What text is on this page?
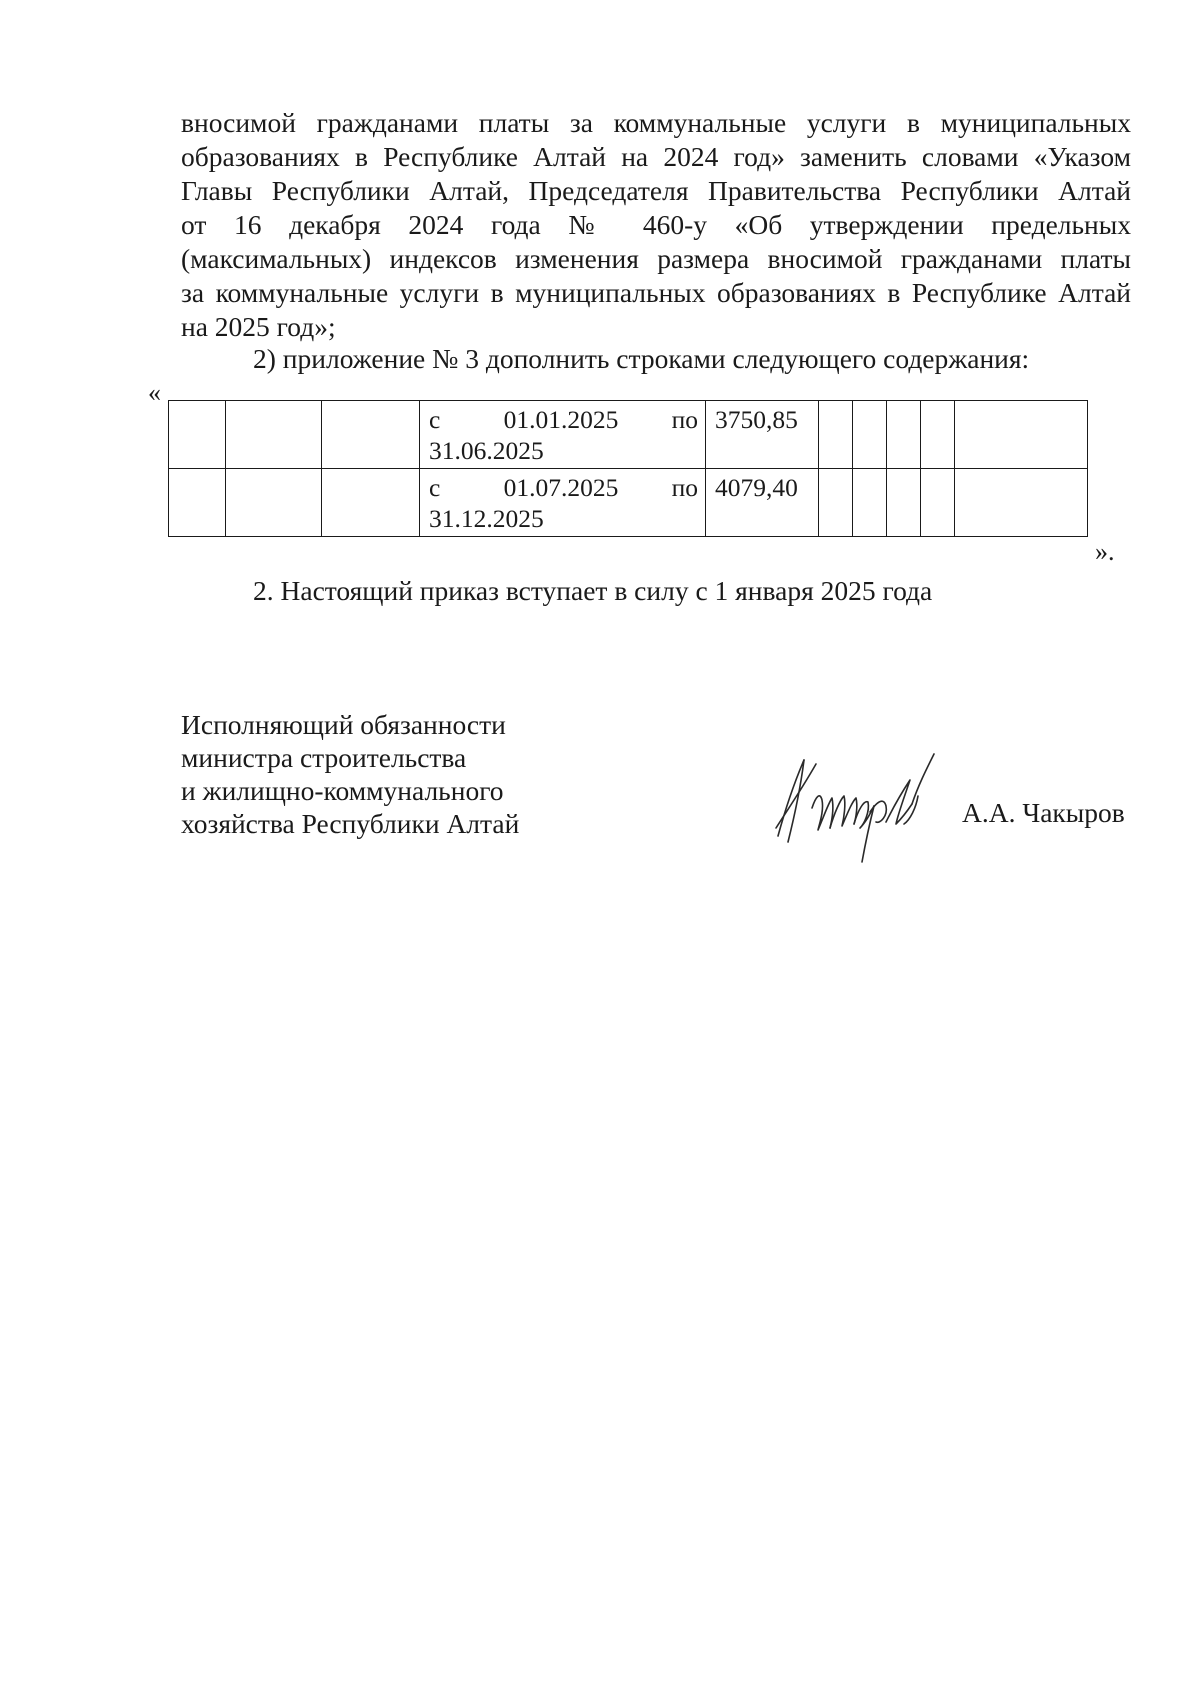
вносимой гражданами платы за коммунальные услуги в муниципальных
образованиях в Республике Алтай на 2024 год» заменить словами «Указом
Главы Республики Алтай, Председателя Правительства Республики Алтай
от 16 декабря 2024 года № 460-у «Об утверждении предельных
(максимальных) индексов изменения размера вносимой гражданами платы
за коммунальные услуги в муниципальных образованиях в Республике Алтай
на 2025 год»;
2) приложение № 3 дополнить строками следующего содержания:
«

			с 01.01.2025 по
31.06.2025	3750,85					

			с 01.07.2025 по
31.12.2025	4079,40					
».
2. Настоящий приказ вступает в силу с 1 января 2025 года
Исполняющий обязанности
министра строительства
и жилищно-коммунального
хозяйства Республики Алтай	А.А. Чакыров
